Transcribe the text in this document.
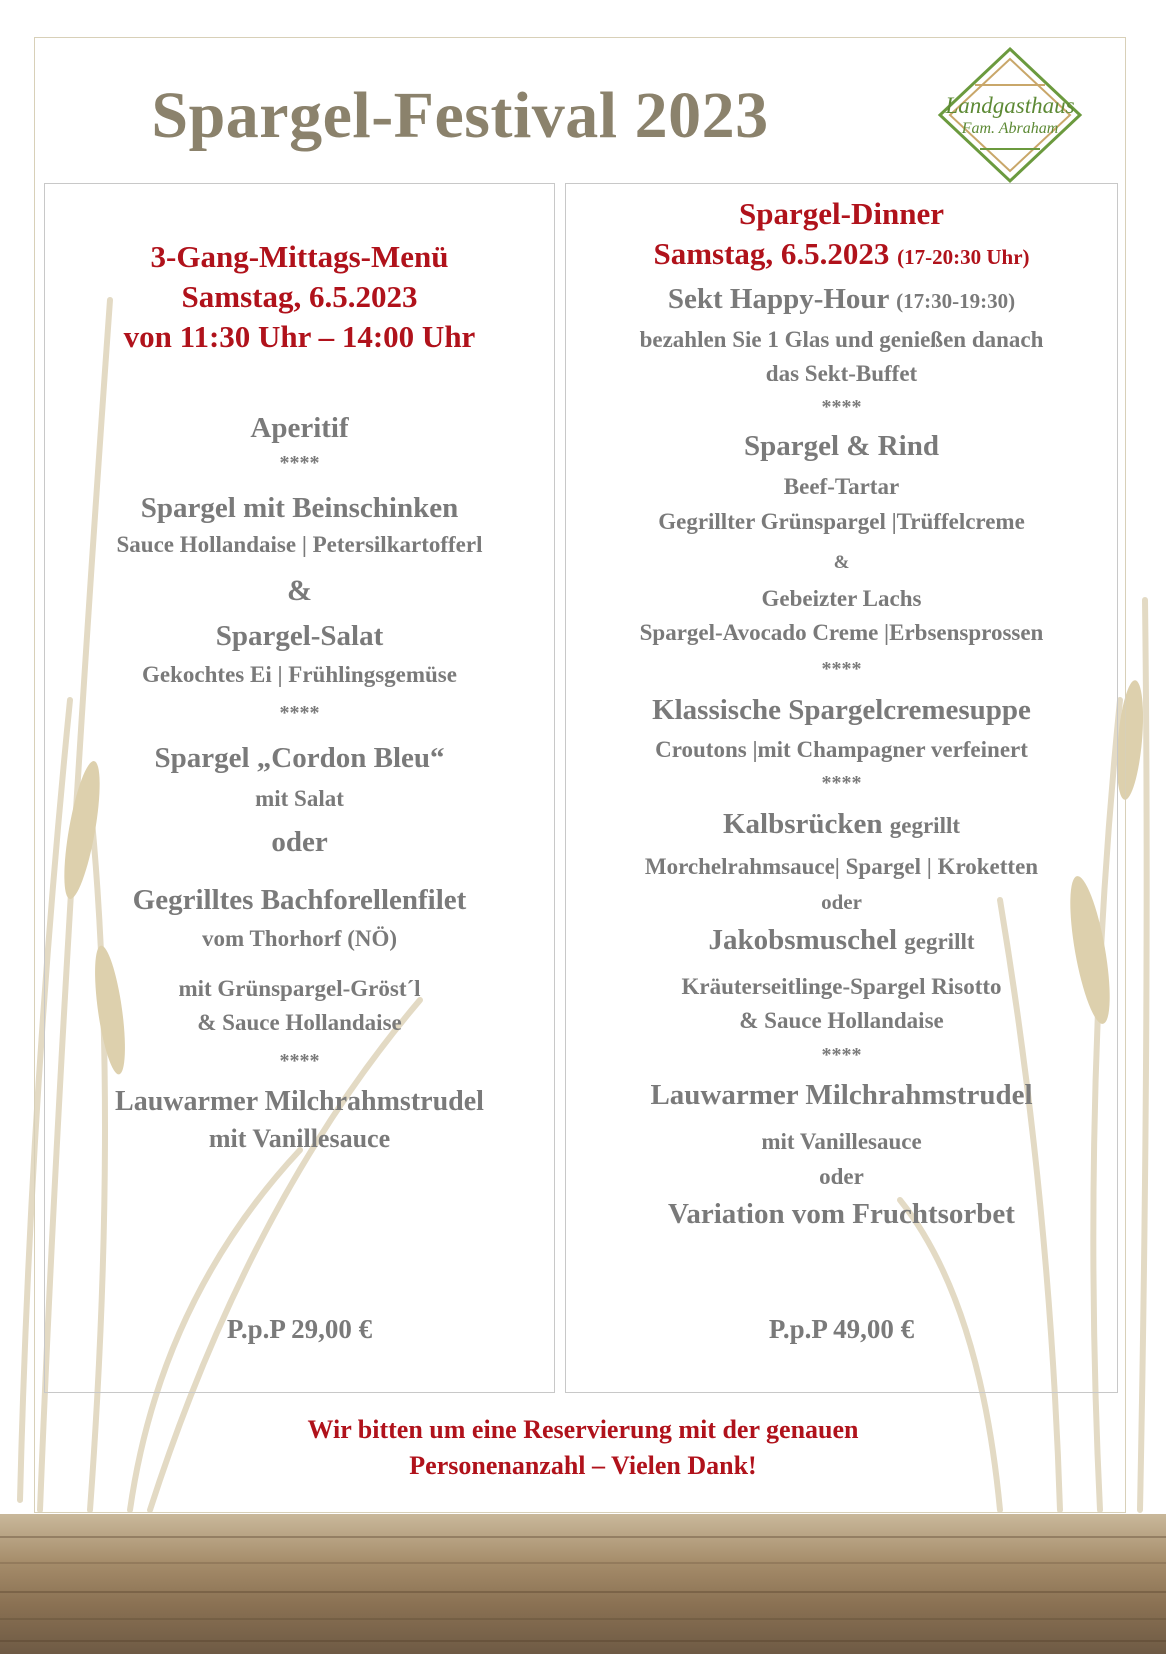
Spargel-Festival 2023	Landgasthaus
Fam. Abraham
3-Gang-Mittags-Menü
Samstag, 6.5.2023
von 11:30 Uhr – 14:00 Uhr
Aperitif
****
Spargel mit Beinschinken
Sauce Hollandaise | Petersilkartofferl
&
Spargel-Salat
Gekochtes Ei | Frühlingsgemüse
****
Spargel „Cordon Bleu“
mit Salat
oder
Gegrilltes Bachforellenfilet
vom Thorhorf (NÖ)
mit Grünspargel-Gröst´l
& Sauce Hollandaise
****
Lauwarmer Milchrahmstrudel
mit Vanillesauce
P.p.P 29,00 €
Spargel-Dinner
Samstag, 6.5.2023 (17-20:30 Uhr)
Sekt Happy-Hour (17:30-19:30)
bezahlen Sie 1 Glas und genießen danach
das Sekt-Buffet
****
Spargel & Rind
Beef-Tartar
Gegrillter Grünspargel |Trüffelcreme
&
Gebeizter Lachs
Spargel-Avocado Creme |Erbsensprossen
****
Klassische Spargelcremesuppe
Croutons |mit Champagner verfeinert
****
Kalbsrücken gegrillt
Morchelrahmsauce| Spargel | Kroketten
oder
Jakobsmuschel gegrillt
Kräuterseitlinge-Spargel Risotto
& Sauce Hollandaise
****
Lauwarmer Milchrahmstrudel
mit Vanillesauce
oder
Variation vom Fruchtsorbet
P.p.P 49,00 €
Wir bitten um eine Reservierung mit der genauen
Personenanzahl – Vielen Dank!
